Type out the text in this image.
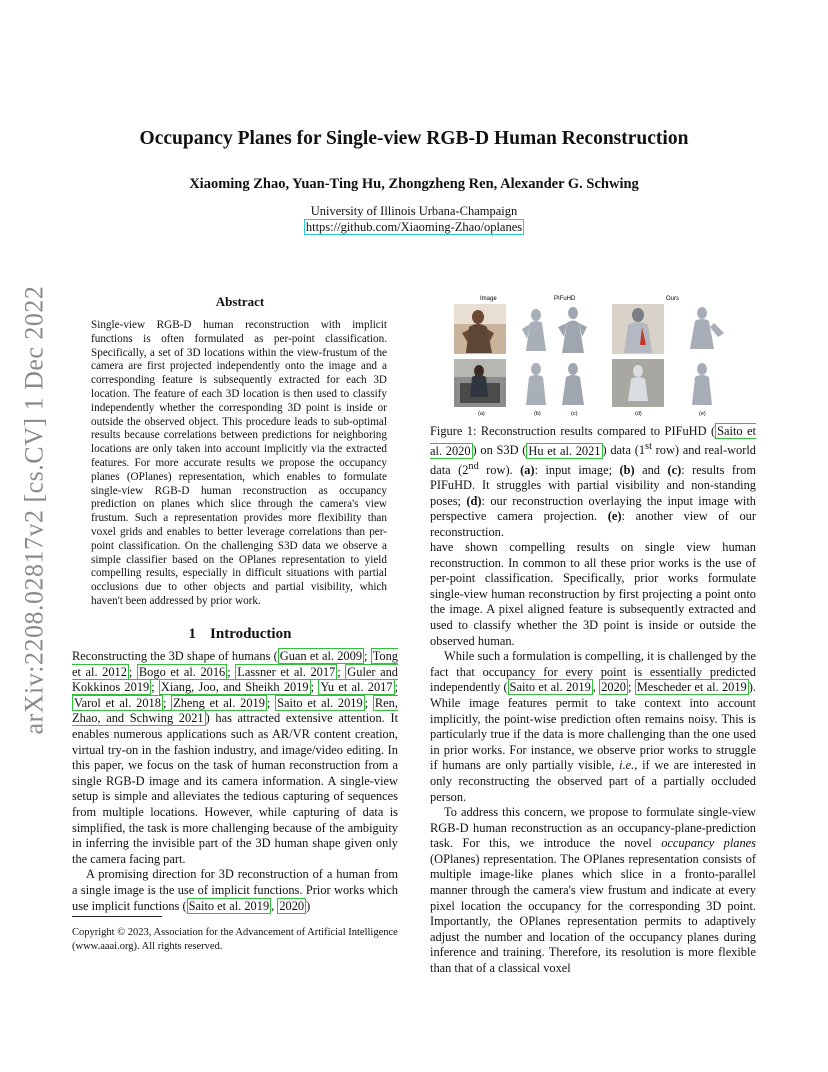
arXiv:2208.02817v2 [cs.CV] 1 Dec 2022
Occupancy Planes for Single-view RGB-D Human Reconstruction
Xiaoming Zhao, Yuan-Ting Hu, Zhongzheng Ren, Alexander G. Schwing
University of Illinois Urbana-Champaign
https://github.com/Xiaoming-Zhao/oplanes
Abstract
Single-view RGB-D human reconstruction with implicit functions is often formulated as per-point classification. Specifically, a set of 3D locations within the view-frustum of the camera are first projected independently onto the image and a corresponding feature is subsequently extracted for each 3D location. The feature of each 3D location is then used to classify independently whether the corresponding 3D point is inside or outside the observed object. This procedure leads to sub-optimal results because correlations between predictions for neighboring locations are only taken into account implicitly via the extracted features. For more accurate results we propose the occupancy planes (OPlanes) representation, which enables to formulate single-view RGB-D human reconstruction as occupancy prediction on planes which slice through the camera's view frustum. Such a representation provides more flexibility than voxel grids and enables to better leverage correlations than per-point classification. On the challenging S3D data we observe a simple classifier based on the OPlanes representation to yield compelling results, especially in difficult situations with partial occlusions due to other objects and partial visibility, which haven't been addressed by prior work.
1 Introduction

Reconstructing the 3D shape of humans ( Guan et al. 2009 ; Tong et al. 2012 ; Bogo et al. 2016 ; Lassner et al. 2017 ; Guler and Kokkinos 2019 ; Xiang, Joo, and Sheikh 2019 ; Yu et al. 2017 ; Varol et al. 2018 ; Zheng et al. 2019 ; Saito et al. 2019 ; Ren, Zhao, and Schwing 2021 ) has attracted extensive attention. It enables numerous applications such as AR/VR content creation, virtual try-on in the fashion industry, and image/video editing. In this paper, we focus on the task of human reconstruction from a single RGB-D image and its camera information. A single-view setup is simple and alleviates the tedious capturing of sequences from multiple locations. However, while capturing of data is simplified, the task is more challenging because of the ambiguity in inferring the invisible part of the 3D human shape given only the camera facing part.

A promising direction for 3D reconstruction of a human from a single image is the use of implicit functions. Prior works which use implicit functions ( Saito et al. 2019 , 2020 )

Copyright © 2023, Association for the Advancement of Artificial Intelligence (www.aaai.org). All rights reserved.
Image	PIFuHD	Ours
(a)	(b)	(c)	(d)	(e)
Figure 1: Reconstruction results compared to PIFuHD ( Saito et al. 2020 ) on S3D ( Hu et al. 2021 ) data (1st row) and real-world data (2nd row). (a): input image; (b) and (c): results from PIFuHD. It struggles with partial visibility and non-standing poses; (d): our reconstruction overlaying the input image with perspective camera projection. (e): another view of our reconstruction.

have shown compelling results on single view human reconstruction. In common to all these prior works is the use of per-point classification. Specifically, prior works formulate single-view human reconstruction by first projecting a point onto the image. A pixel aligned feature is subsequently extracted and used to classify whether the 3D point is inside or outside the observed human.

While such a formulation is compelling, it is challenged by the fact that occupancy for every point is essentially predicted independently ( Saito et al. 2019 , 2020 ; Mescheder et al. 2019 ). While image features permit to take context into account implicitly, the point-wise prediction often remains noisy. This is particularly true if the data is more challenging than the one used in prior works. For instance, we observe prior works to struggle if humans are only partially visible, i.e., if we are interested in only reconstructing the observed part of a partially occluded person.

To address this concern, we propose to formulate single-view RGB-D human reconstruction as an occupancy-plane-prediction task. For this, we introduce the novel occupancy planes (OPlanes) representation. The OPlanes representation consists of multiple image-like planes which slice in a fronto-parallel manner through the camera's view frustum and indicate at every pixel location the occupancy for the corresponding 3D point. Importantly, the OPlanes representation permits to adaptively adjust the number and location of the occupancy planes during inference and training. Therefore, its resolution is more flexible than that of a classical voxel
